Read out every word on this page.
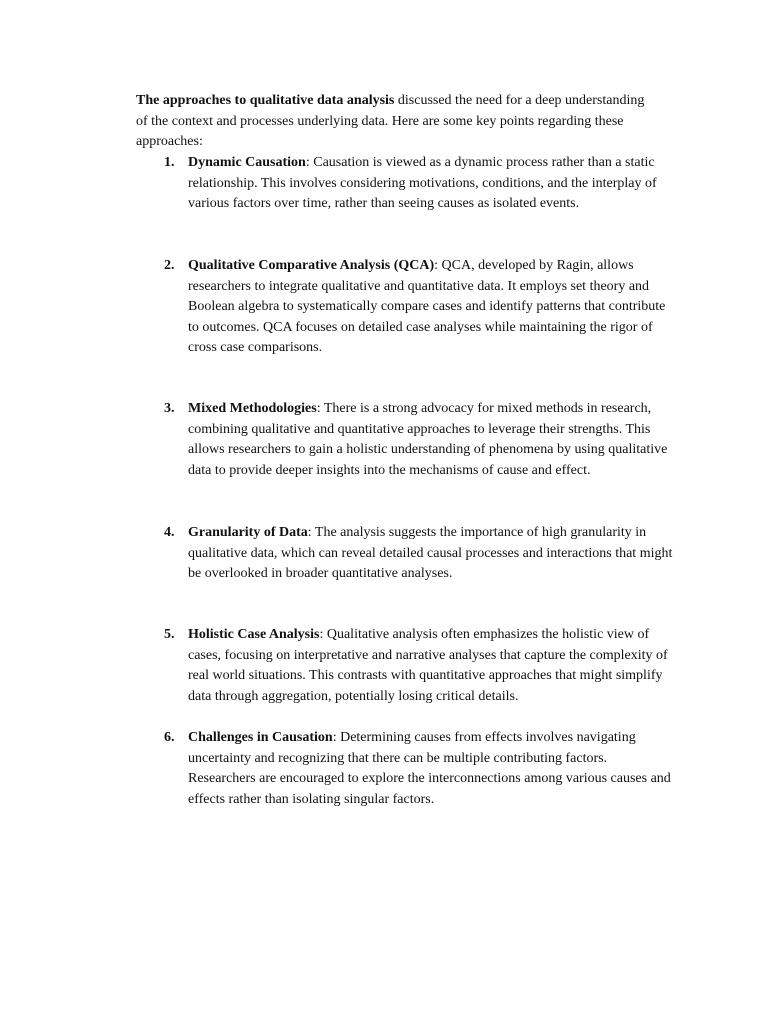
The approaches to qualitative data analysis discussed the need for a deep understanding of the context and processes underlying data. Here are some key points regarding these approaches:

1. Dynamic Causation: Causation is viewed as a dynamic process rather than a static relationship. This involves considering motivations, conditions, and the interplay of various factors over time, rather than seeing causes as isolated events.
2. Qualitative Comparative Analysis (QCA): QCA, developed by Ragin, allows researchers to integrate qualitative and quantitative data. It employs set theory and Boolean algebra to systematically compare cases and identify patterns that contribute to outcomes. QCA focuses on detailed case analyses while maintaining the rigor of cross case comparisons.
3. Mixed Methodologies: There is a strong advocacy for mixed methods in research, combining qualitative and quantitative approaches to leverage their strengths. This allows researchers to gain a holistic understanding of phenomena by using qualitative data to provide deeper insights into the mechanisms of cause and effect.
4. Granularity of Data: The analysis suggests the importance of high granularity in qualitative data, which can reveal detailed causal processes and interactions that might be overlooked in broader quantitative analyses.
5. Holistic Case Analysis: Qualitative analysis often emphasizes the holistic view of cases, focusing on interpretative and narrative analyses that capture the complexity of real world situations. This contrasts with quantitative approaches that might simplify data through aggregation, potentially losing critical details.
6. Challenges in Causation: Determining causes from effects involves navigating uncertainty and recognizing that there can be multiple contributing factors. Researchers are encouraged to explore the interconnections among various causes and effects rather than isolating singular factors.
